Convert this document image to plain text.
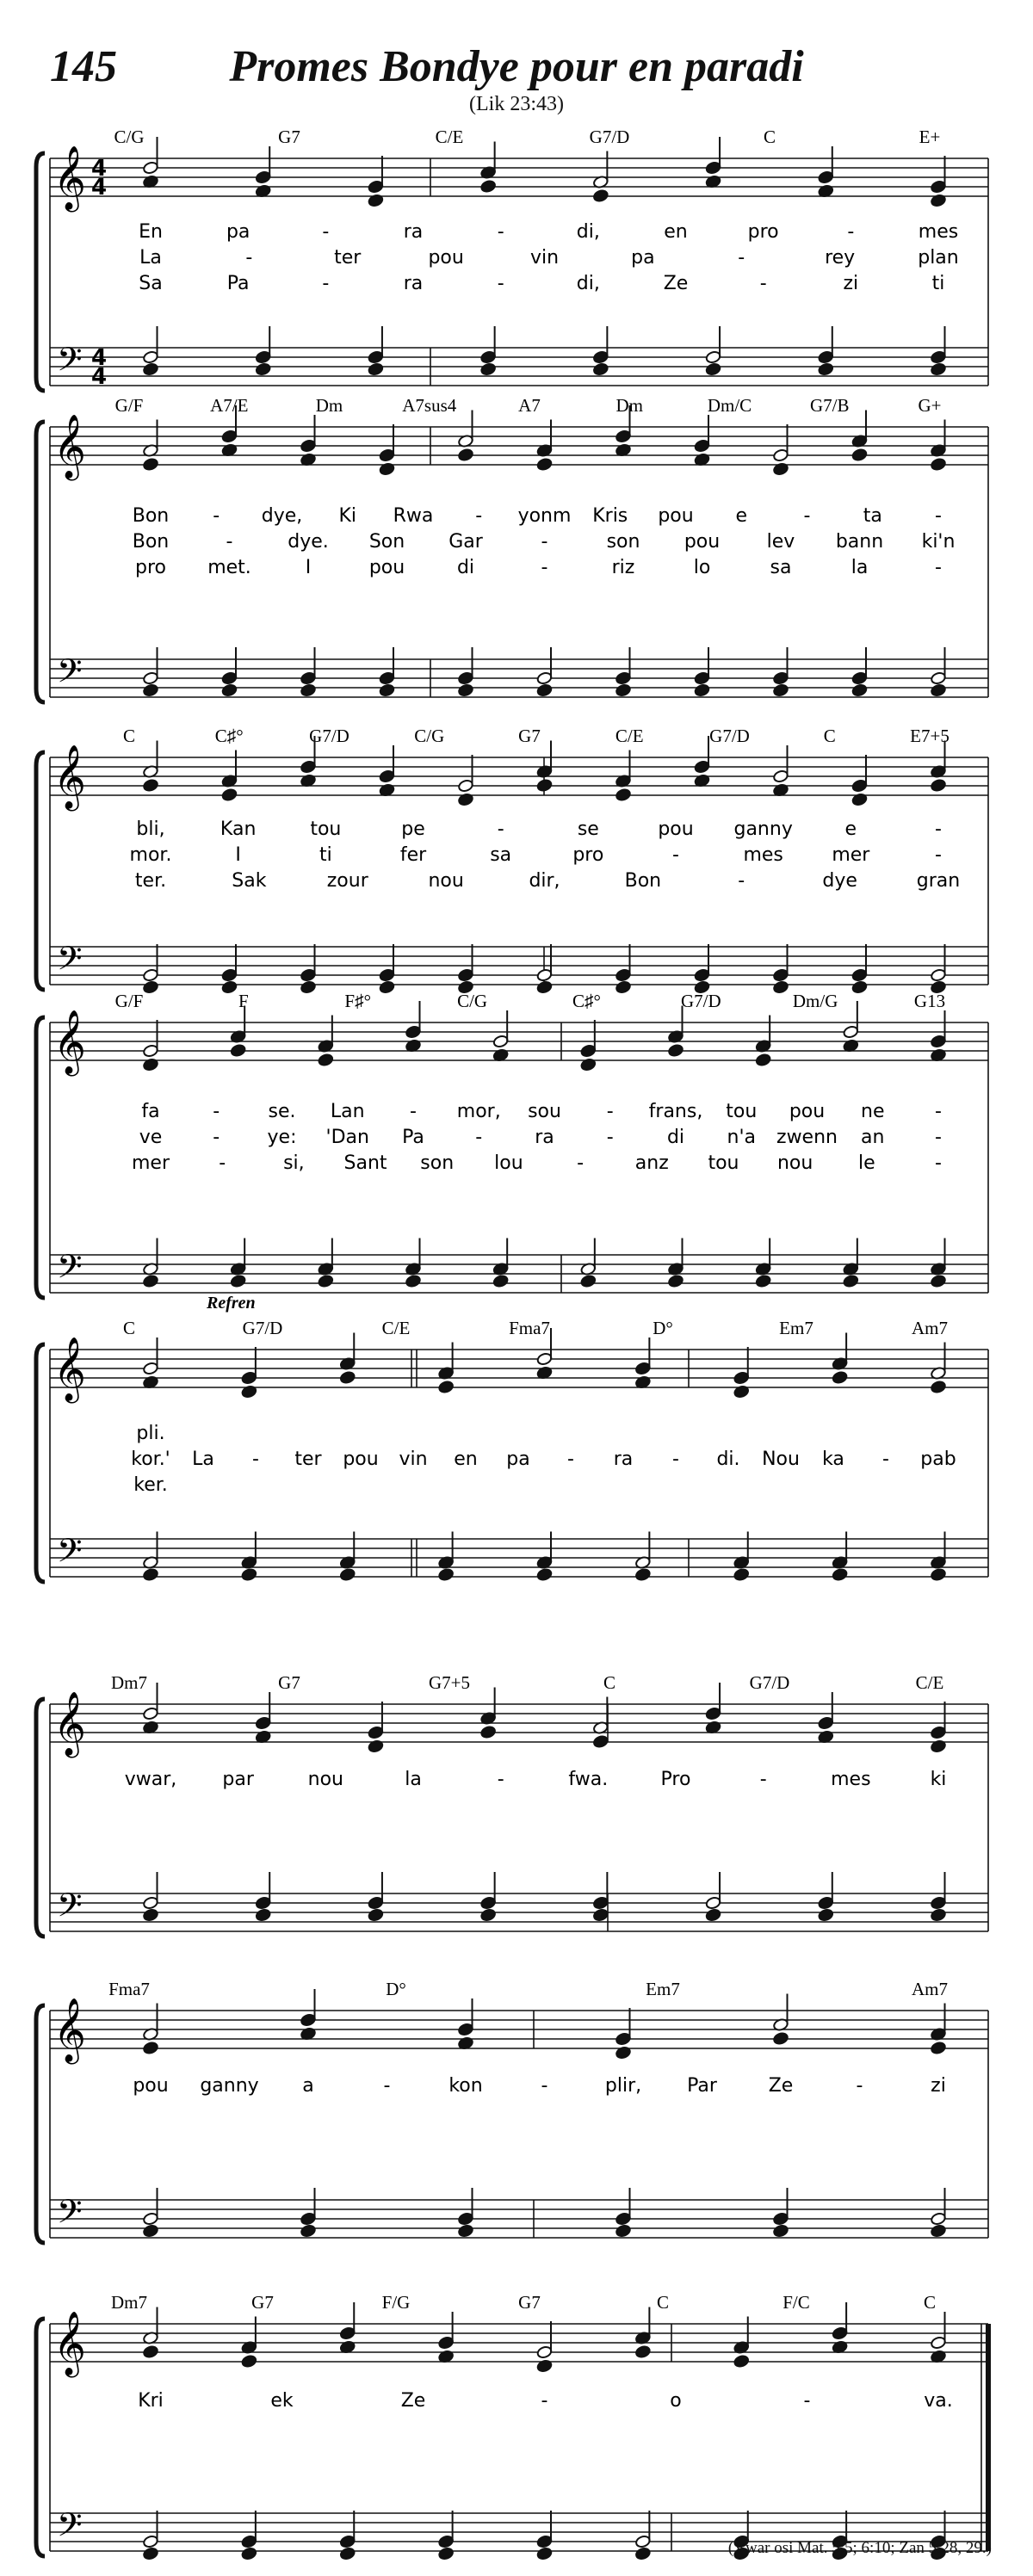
145	Promes Bondye pour en paradi
(Lik 23:43)
𝄞
𝄢
4
4
4
4
C/G	G7	C/E	G7/D	C	E+
En	pa	-	ra	-	di,	en	pro	-	mes
La	-	ter	pou	vin	pa	-	rey	plan
Sa	Pa	-	ra	-	di,	Ze	-	zi	ti
𝄞
𝄢
G/F	A7/E	Dm	A7sus4	A7	Dm	Dm/C	G7/B	G+
Bon - dye, Ki Rwa - yonm Kris pou e	-	ta	-
Bon	-	dye. Son Gar	-	son pou lev bann ki'n
pro met.	I	pou	di	-	riz	lo	sa	la	-
𝄞
𝄢
C	C♯°	G7/D	C/G	G7	C/E	G7/D	C	E7+5
bli,	Kan	tou	pe	-	se	pou ganny	e	-
mor.	I	ti	fer	sa	pro	-	mes	mer	-
ter.	Sak	zour	nou	dir,	Bon	-	dye	gran
𝄞
𝄢
G/F	F	F♯°	C/G	C♯°	G7/D	Dm/G	G13
fa	-	se. Lan - mor, sou - frans, tou pou ne	-
ve	-	ye: 'Dan Pa	-	ra	-	di n'a zwenn an	-
mer	-	si, Sant son lou	-	anz tou nou le	-
𝄞
𝄢
C	G7/D	C/E	Fma7	D°	Em7	Am7
pli.
kor.' La - ter pou vin en pa - ra - di. Nou ka - pab
ker.
Refren
𝄞
𝄢
Dm7	G7	G7+5	C	G7/D	C/E
vwar, par	nou	la	-	fwa.	Pro	-	mes	ki
𝄞
𝄢
Fma7	D°	Em7	Am7
pou ganny a	-	kon	-	plir, Par	Ze	-	zi
𝄞
𝄢
Dm7	G7	F/G	G7	C	F/C	C
Kri	ek	Ze	-	o	-	va.
(Vwar osi Mat. 5:5; 6:10; Zan 5:28, 29.)
